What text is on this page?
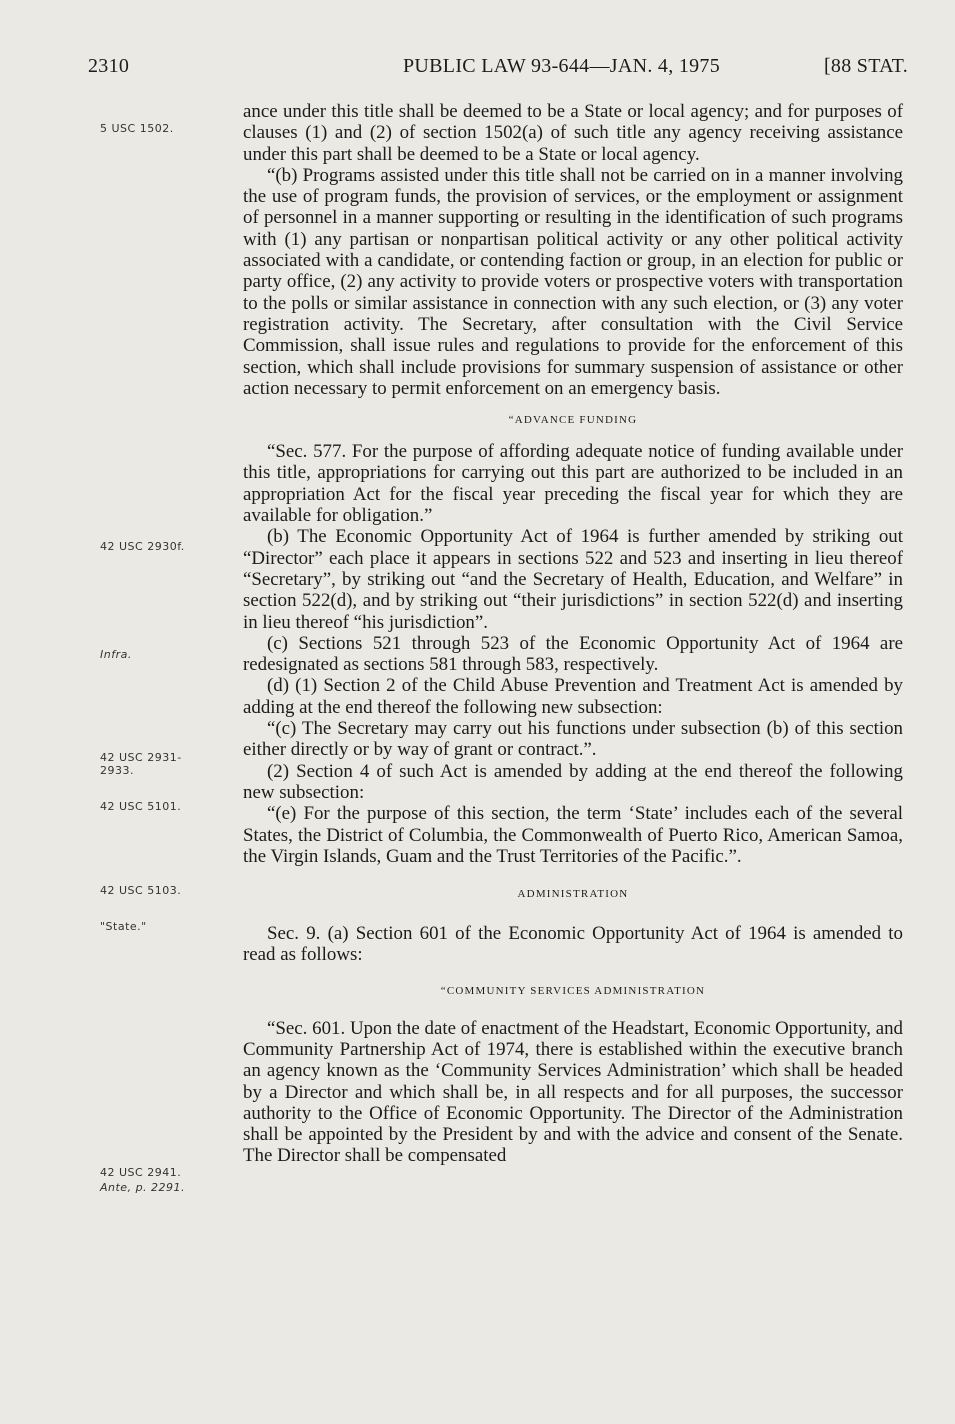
2310	PUBLIC LAW 93-644—JAN. 4, 1975	[88 STAT.
5 USC 1502.
42 USC 2930f.
Infra.
42 USC 2931-
2933.
42 USC 5101.
42 USC 5103.
"State."
42 USC 2941.
Ante, p. 2291.

ance under this title shall be deemed to be a State or local agency; and for purposes of clauses (1) and (2) of section 1502(a) of such title any agency receiving assistance under this part shall be deemed to be a State or local agency.

“(b) Programs assisted under this title shall not be carried on in a manner involving the use of program funds, the provision of services, or the employment or assignment of personnel in a manner supporting or resulting in the identification of such programs with (1) any partisan or nonpartisan political activity or any other political activity associated with a candidate, or contending faction or group, in an election for public or party office, (2) any activity to provide voters or prospective voters with transportation to the polls or similar assistance in connection with any such election, or (3) any voter registration activity. The Secretary, after consultation with the Civil Service Commission, shall issue rules and regulations to provide for the enforcement of this section, which shall include provisions for summary suspension of assistance or other action necessary to permit enforcement on an emergency basis.

“ADVANCE FUNDING

“Sec. 577. For the purpose of affording adequate notice of funding available under this title, appropriations for carrying out this part are authorized to be included in an appropriation Act for the fiscal year preceding the fiscal year for which they are available for obligation.”

(b) The Economic Opportunity Act of 1964 is further amended by striking out “Director” each place it appears in sections 522 and 523 and inserting in lieu thereof “Secretary”, by striking out “and the Secretary of Health, Education, and Welfare” in section 522(d), and by striking out “their jurisdictions” in section 522(d) and inserting in lieu thereof “his jurisdiction”.

(c) Sections 521 through 523 of the Economic Opportunity Act of 1964 are redesignated as sections 581 through 583, respectively.

(d) (1) Section 2 of the Child Abuse Prevention and Treatment Act is amended by adding at the end thereof the following new subsection:

“(c) The Secretary may carry out his functions under subsection (b) of this section either directly or by way of grant or contract.”.

(2) Section 4 of such Act is amended by adding at the end thereof the following new subsection:

“(e) For the purpose of this section, the term ‘State’ includes each of the several States, the District of Columbia, the Commonwealth of Puerto Rico, American Samoa, the Virgin Islands, Guam and the Trust Territories of the Pacific.”.

ADMINISTRATION

Sec. 9. (a) Section 601 of the Economic Opportunity Act of 1964 is amended to read as follows:

“COMMUNITY SERVICES ADMINISTRATION

“Sec. 601. Upon the date of enactment of the Headstart, Economic Opportunity, and Community Partnership Act of 1974, there is established within the executive branch an agency known as the ‘Community Services Administration’ which shall be headed by a Director and which shall be, in all respects and for all purposes, the successor authority to the Office of Economic Opportunity. The Director of the Administration shall be appointed by the President by and with the advice and consent of the Senate. The Director shall be compensated
